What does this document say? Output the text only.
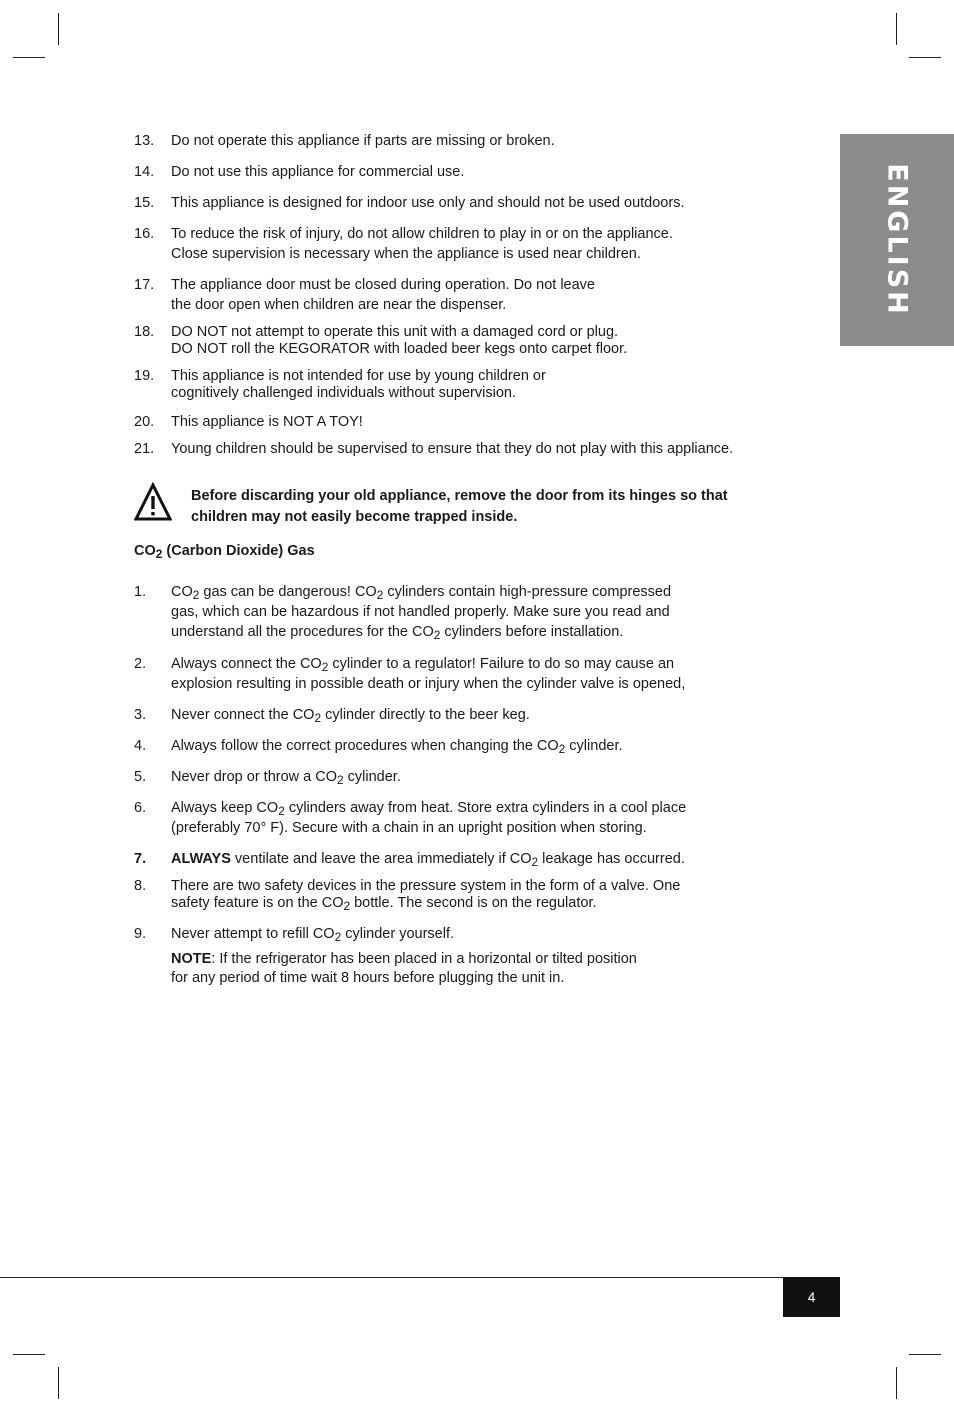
ENGLISH
13. Do not operate this appliance if parts are missing or broken.
14. Do not use this appliance for commercial use.
15. This appliance is designed for indoor use only and should not be used outdoors.
16. To reduce the risk of injury, do not allow children to play in or on the appliance.
Close supervision is necessary when the appliance is used near children.
17. The appliance door must be closed during operation. Do not leave
the door open when children are near the dispenser.
18. DO NOT not attempt to operate this unit with a damaged cord or plug.
DO NOT roll the KEGORATOR with loaded beer kegs onto carpet floor.
19. This appliance is not intended for use by young children or
cognitively challenged individuals without supervision.
20. This appliance is NOT A TOY!
21. Young children should be supervised to ensure that they do not play with this appliance.
Before discarding your old appliance, remove the door from its hinges so that
children may not easily become trapped inside.
$CO_2$ (Carbon Dioxide) Gas
1. $CO_2$ gas can be dangerous! $CO_2$ cylinders contain high-pressure compressed
gas, which can be hazardous if not handled properly. Make sure you read and
understand all the procedures for the $CO_2$ cylinders before installation.
2. Always connect the $CO_2$ cylinder to a regulator! Failure to do so may cause an
explosion resulting in possible death or injury when the cylinder valve is opened,
3. Never connect the $CO_2$ cylinder directly to the beer keg.
4. Always follow the correct procedures when changing the $CO_2$ cylinder.
5. Never drop or throw a $CO_2$ cylinder.
6. Always keep $CO_2$ cylinders away from heat. Store extra cylinders in a cool place
(preferably 70° F). Secure with a chain in an upright position when storing.
7. ALWAYS ventilate and leave the area immediately if $CO_2$ leakage has occurred.
8. There are two safety devices in the pressure system in the form of a valve. One
safety feature is on the $CO_2$ bottle. The second is on the regulator.
9. Never attempt to refill $CO_2$ cylinder yourself.
NOTE: If the refrigerator has been placed in a horizontal or tilted position
for any period of time wait 8 hours before plugging the unit in.
4
